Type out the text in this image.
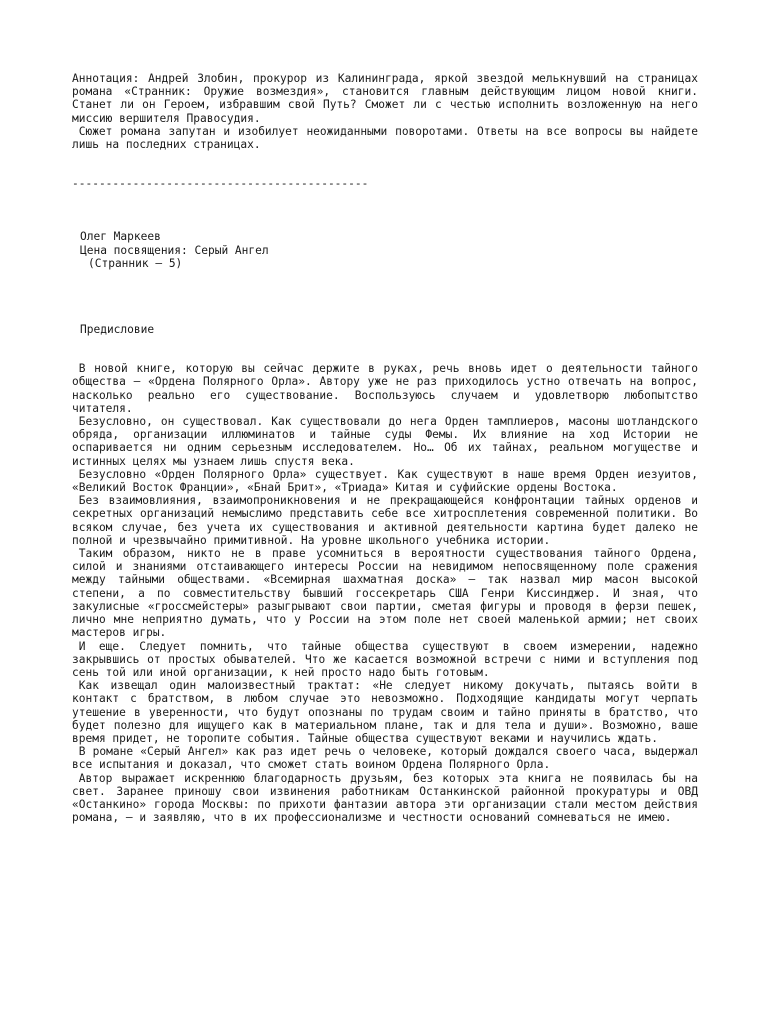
Аннотация: Андрей Злобин, прокурор из Калининграда, яркой звездой мелькнувший на страницах романа «Странник: Оружие возмездия», становится главным действующим лицом новой книги. Станет ли он Героем, избравшим свой Путь? Сможет ли с честью исполнить возложенную на него миссию вершителя Правосудия.

Сюжет романа запутан и изобилует неожиданными поворотами. Ответы на все вопросы вы найдете лишь на последних страницах.

--------------------------------------------

Олег Маркеев
Цена посвящения: Серый Ангел
(Странник — 5)
Предисловие

В новой книге, которую вы сейчас держите в руках, речь вновь идет о деятельности тайного общества — «Ордена Полярного Орла». Автору уже не раз приходилось устно отвечать на вопрос, насколько реально его существование. Воспользуюсь случаем и удовлетворю любопытство читателя.

Безусловно, он существовал. Как существовали до нега Орден тамплиеров, масоны шотландского обряда, организации иллюминатов и тайные суды Фемы. Их влияние на ход Истории не оспаривается ни одним серьезным исследователем. Но… Об их тайнах, реальном могуществе и истинных целях мы узнаем лишь спустя века.

Безусловно «Орден Полярного Орла» существует. Как существуют в наше время Орден иезуитов, «Великий Восток Франции», «Бнай Брит», «Триада» Китая и суфийские ордены Востока.

Без взаимовлияния, взаимопроникновения и не прекращающейся конфронтации тайных орденов и секретных организаций немыслимо представить себе все хитросплетения современной политики. Во всяком случае, без учета их существования и активной деятельности картина будет далеко не полной и чрезвычайно примитивной. На уровне школьного учебника истории.

Таким образом, никто не в праве усомниться в вероятности существования тайного Ордена, силой и знаниями отстаивающего интересы России на невидимом непосвященному поле сражения между тайными обществами. «Всемирная шахматная доска» — так назвал мир масон высокой степени, а по совместительству бывший госсекретарь США Генри Киссинджер. И зная, что закулисные «гроссмейстеры» разыгрывают свои партии, сметая фигуры и проводя в ферзи пешек, лично мне неприятно думать, что у России на этом поле нет своей маленькой армии; нет своих мастеров игры.

И еще. Следует помнить, что тайные общества существуют в своем измерении, надежно закрывшись от простых обывателей. Что же касается возможной встречи с ними и вступления под сень той или иной организации, к ней просто надо быть готовым.

Как извещал один малоизвестный трактат: «Не следует никому докучать, пытаясь войти в контакт с братством, в любом случае это невозможно. Подходящие кандидаты могут черпать утешение в уверенности, что будут опознаны по трудам своим и тайно приняты в братство, что будет полезно для ищущего как в материальном плане, так и для тела и души». Возможно, ваше время придет, не торопите события. Тайные общества существуют веками и научились ждать.

В романе «Серый Ангел» как раз идет речь о человеке, который дождался своего часа, выдержал все испытания и доказал, что сможет стать воином Ордена Полярного Орла.

Автор выражает искреннюю благодарность друзьям, без которых эта книга не появилась бы на свет. Заранее приношу свои извинения работникам Останкинской районной прокуратуры и ОВД «Останкино» города Москвы: по прихоти фантазии автора эти организации стали местом действия романа, — и заявляю, что в их профессионализме и честности оснований сомневаться не имею.
